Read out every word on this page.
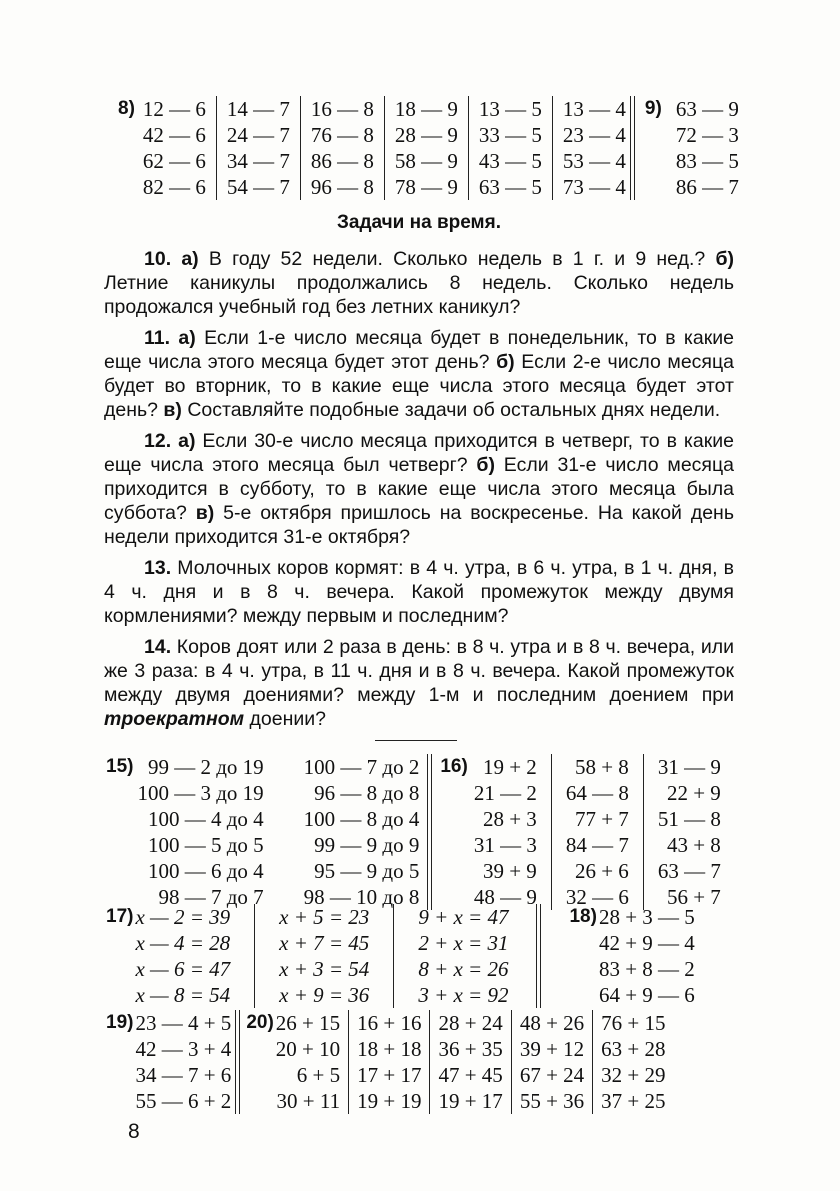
8) 12 — 6
42 — 6
62 — 6
82 — 6
14 — 7
24 — 7
34 — 7
54 — 7
16 — 8
76 — 8
86 — 8
96 — 8
18 — 9
28 — 9
58 — 9
78 — 9
13 — 5
33 — 5
43 — 5
63 — 5
13 — 4
23 — 4
53 — 4
73 — 4
9) 63 — 9
72 — 3
83 — 5
86 — 7
Задачи на время.

10. а) В году 52 недели. Сколько недель в 1 г. и 9 нед.? б) Летние каникулы продолжались 8 недель. Сколько недель продожался учебный год без летних каникул?

11. а) Если 1-е число месяца будет в понедельник, то в какие еще числа этого месяца будет этот день? б) Если 2-е число месяца будет во вторник, то в какие еще числа этого месяца будет этот день? в) Составляйте подобные задачи об остальных днях недели.

12. а) Если 30-е число месяца приходится в четверг, то в какие еще числа этого месяца был четверг? б) Если 31-е число месяца приходится в субботу, то в какие еще числа этого месяца была суббота? в) 5-е октября пришлось на воскресенье. На какой день недели приходится 31-е октября?

13. Молочных коров кормят: в 4 ч. утра, в 6 ч. утра, в 1 ч. дня, в 4 ч. дня и в 8 ч. вечера. Какой промежуток между двумя кормлениями? между первым и последним?

14. Коров доят или 2 раза в день: в 8 ч. утра и в 8 ч. вечера, или же 3 раза: в 4 ч. утра, в 11 ч. дня и в 8 ч. вечера. Какой промежуток между двумя доениями? между 1-м и последним доением при троекратном доении?

15) 99 — 2 до 19
100 — 3 до 19
100 — 4 до 4
100 — 5 до 5
100 — 6 до 4
98 — 7 до 7
100 — 7 до 2
96 — 8 до 8
100 — 8 до 4
99 — 9 до 9
95 — 9 до 5
98 — 10 до 8
16) 19 + 2
21 — 2
28 + 3
31 — 3
39 + 9
48 — 9
58 + 8
64 — 8
77 + 7
84 — 7
26 + 6
32 — 6
31 — 9
22 + 9
51 — 8
43 + 8
63 — 7
56 + 7
17) x — 2 = 39
x — 4 = 28
x — 6 = 47
x — 8 = 54
x + 5 = 23
x + 7 = 45
x + 3 = 54
x + 9 = 36
9 + x = 47
2 + x = 31
8 + x = 26
3 + x = 92
18) 28 + 3 — 5
42 + 9 — 4
83 + 8 — 2
64 + 9 — 6
19) 23 — 4 + 5
42 — 3 + 4
34 — 7 + 6
55 — 6 + 2
20) 26 + 15
20 + 10
6 + 5
30 + 11
16 + 16
18 + 18
17 + 17
19 + 19
28 + 24
36 + 35
47 + 45
19 + 17
48 + 26
39 + 12
67 + 24
55 + 36
76 + 15
63 + 28
32 + 29
37 + 25
8
